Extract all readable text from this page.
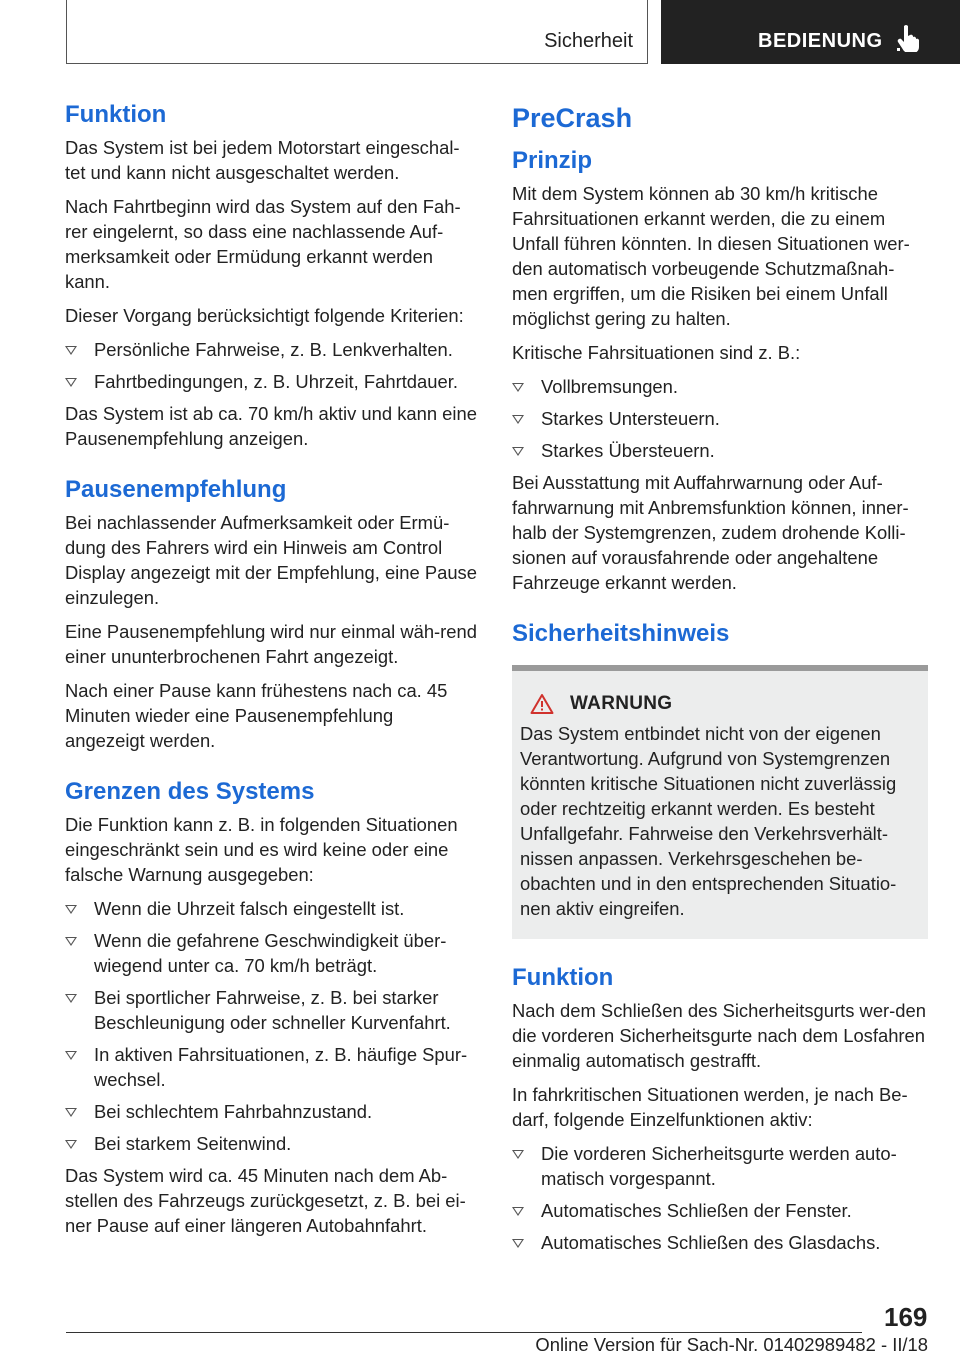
Sicherheit	BEDIENUNG
Funktion

Das System ist bei jedem Motorstart eingeschal‐tet und kann nicht ausgeschaltet werden.

Nach Fahrtbeginn wird das System auf den Fah‐rer eingelernt, so dass eine nachlassende Auf‐merksamkeit oder Ermüdung erkannt werden kann.

Dieser Vorgang berücksichtigt folgende Kriterien:

Persönliche Fahrweise, z. B. Lenkverhalten.
Fahrtbedingungen, z. B. Uhrzeit, Fahrtdauer.

Das System ist ab ca. 70 km/h aktiv und kann eine Pausenempfehlung anzeigen.

Pausenempfehlung

Bei nachlassender Aufmerksamkeit oder Ermü‐dung des Fahrers wird ein Hinweis am Control Display angezeigt mit der Empfehlung, eine Pause einzulegen.

Eine Pausenempfehlung wird nur einmal wäh‐rend einer ununterbrochenen Fahrt angezeigt.

Nach einer Pause kann frühestens nach ca. 45 Minuten wieder eine Pausenempfehlung angezeigt werden.

Grenzen des Systems

Die Funktion kann z. B. in folgenden Situationen eingeschränkt sein und es wird keine oder eine falsche Warnung ausgegeben:

Wenn die Uhrzeit falsch eingestellt ist.
Wenn die gefahrene Geschwindigkeit über‐wiegend unter ca. 70 km/h beträgt.
Bei sportlicher Fahrweise, z. B. bei starker Beschleunigung oder schneller Kurvenfahrt.
In aktiven Fahrsituationen, z. B. häufige Spur‐wechsel.
Bei schlechtem Fahrbahnzustand.
Bei starkem Seitenwind.

Das System wird ca. 45 Minuten nach dem Ab‐stellen des Fahrzeugs zurückgesetzt, z. B. bei ei‐ner Pause auf einer längeren Autobahnfahrt.

PreCrash
Prinzip

Mit dem System können ab 30 km/h kritische Fahrsituationen erkannt werden, die zu einem Unfall führen könnten. In diesen Situationen wer‐den automatisch vorbeugende Schutzmaßnah‐men ergriffen, um die Risiken bei einem Unfall möglichst gering zu halten.

Kritische Fahrsituationen sind z. B.:

Vollbremsungen.
Starkes Untersteuern.
Starkes Übersteuern.

Bei Ausstattung mit Auffahrwarnung oder Auf‐fahrwarnung mit Anbremsfunktion können, inner‐halb der Systemgrenzen, zudem drohende Kolli‐sionen auf vorausfahrende oder angehaltene Fahrzeuge erkannt werden.

Sicherheitshinweis
WARNUNG

Das System entbindet nicht von der eigenen Verantwortung. Aufgrund von Systemgrenzen könnten kritische Situationen nicht zuverlässig oder rechtzeitig erkannt werden. Es besteht Unfallgefahr. Fahrweise den Verkehrsverhält‐nissen anpassen. Verkehrsgeschehen be‐obachten und in den entsprechenden Situatio‐nen aktiv eingreifen.

Funktion

Nach dem Schließen des Sicherheitsgurts wer‐den die vorderen Sicherheitsgurte nach dem Losfahren einmalig automatisch gestrafft.

In fahrkritischen Situationen werden, je nach Be‐darf, folgende Einzelfunktionen aktiv:

Die vorderen Sicherheitsgurte werden auto‐matisch vorgespannt.
Automatisches Schließen der Fenster.
Automatisches Schließen des Glasdachs.
169
Online Version für Sach-Nr. 01402989482 - II/18
